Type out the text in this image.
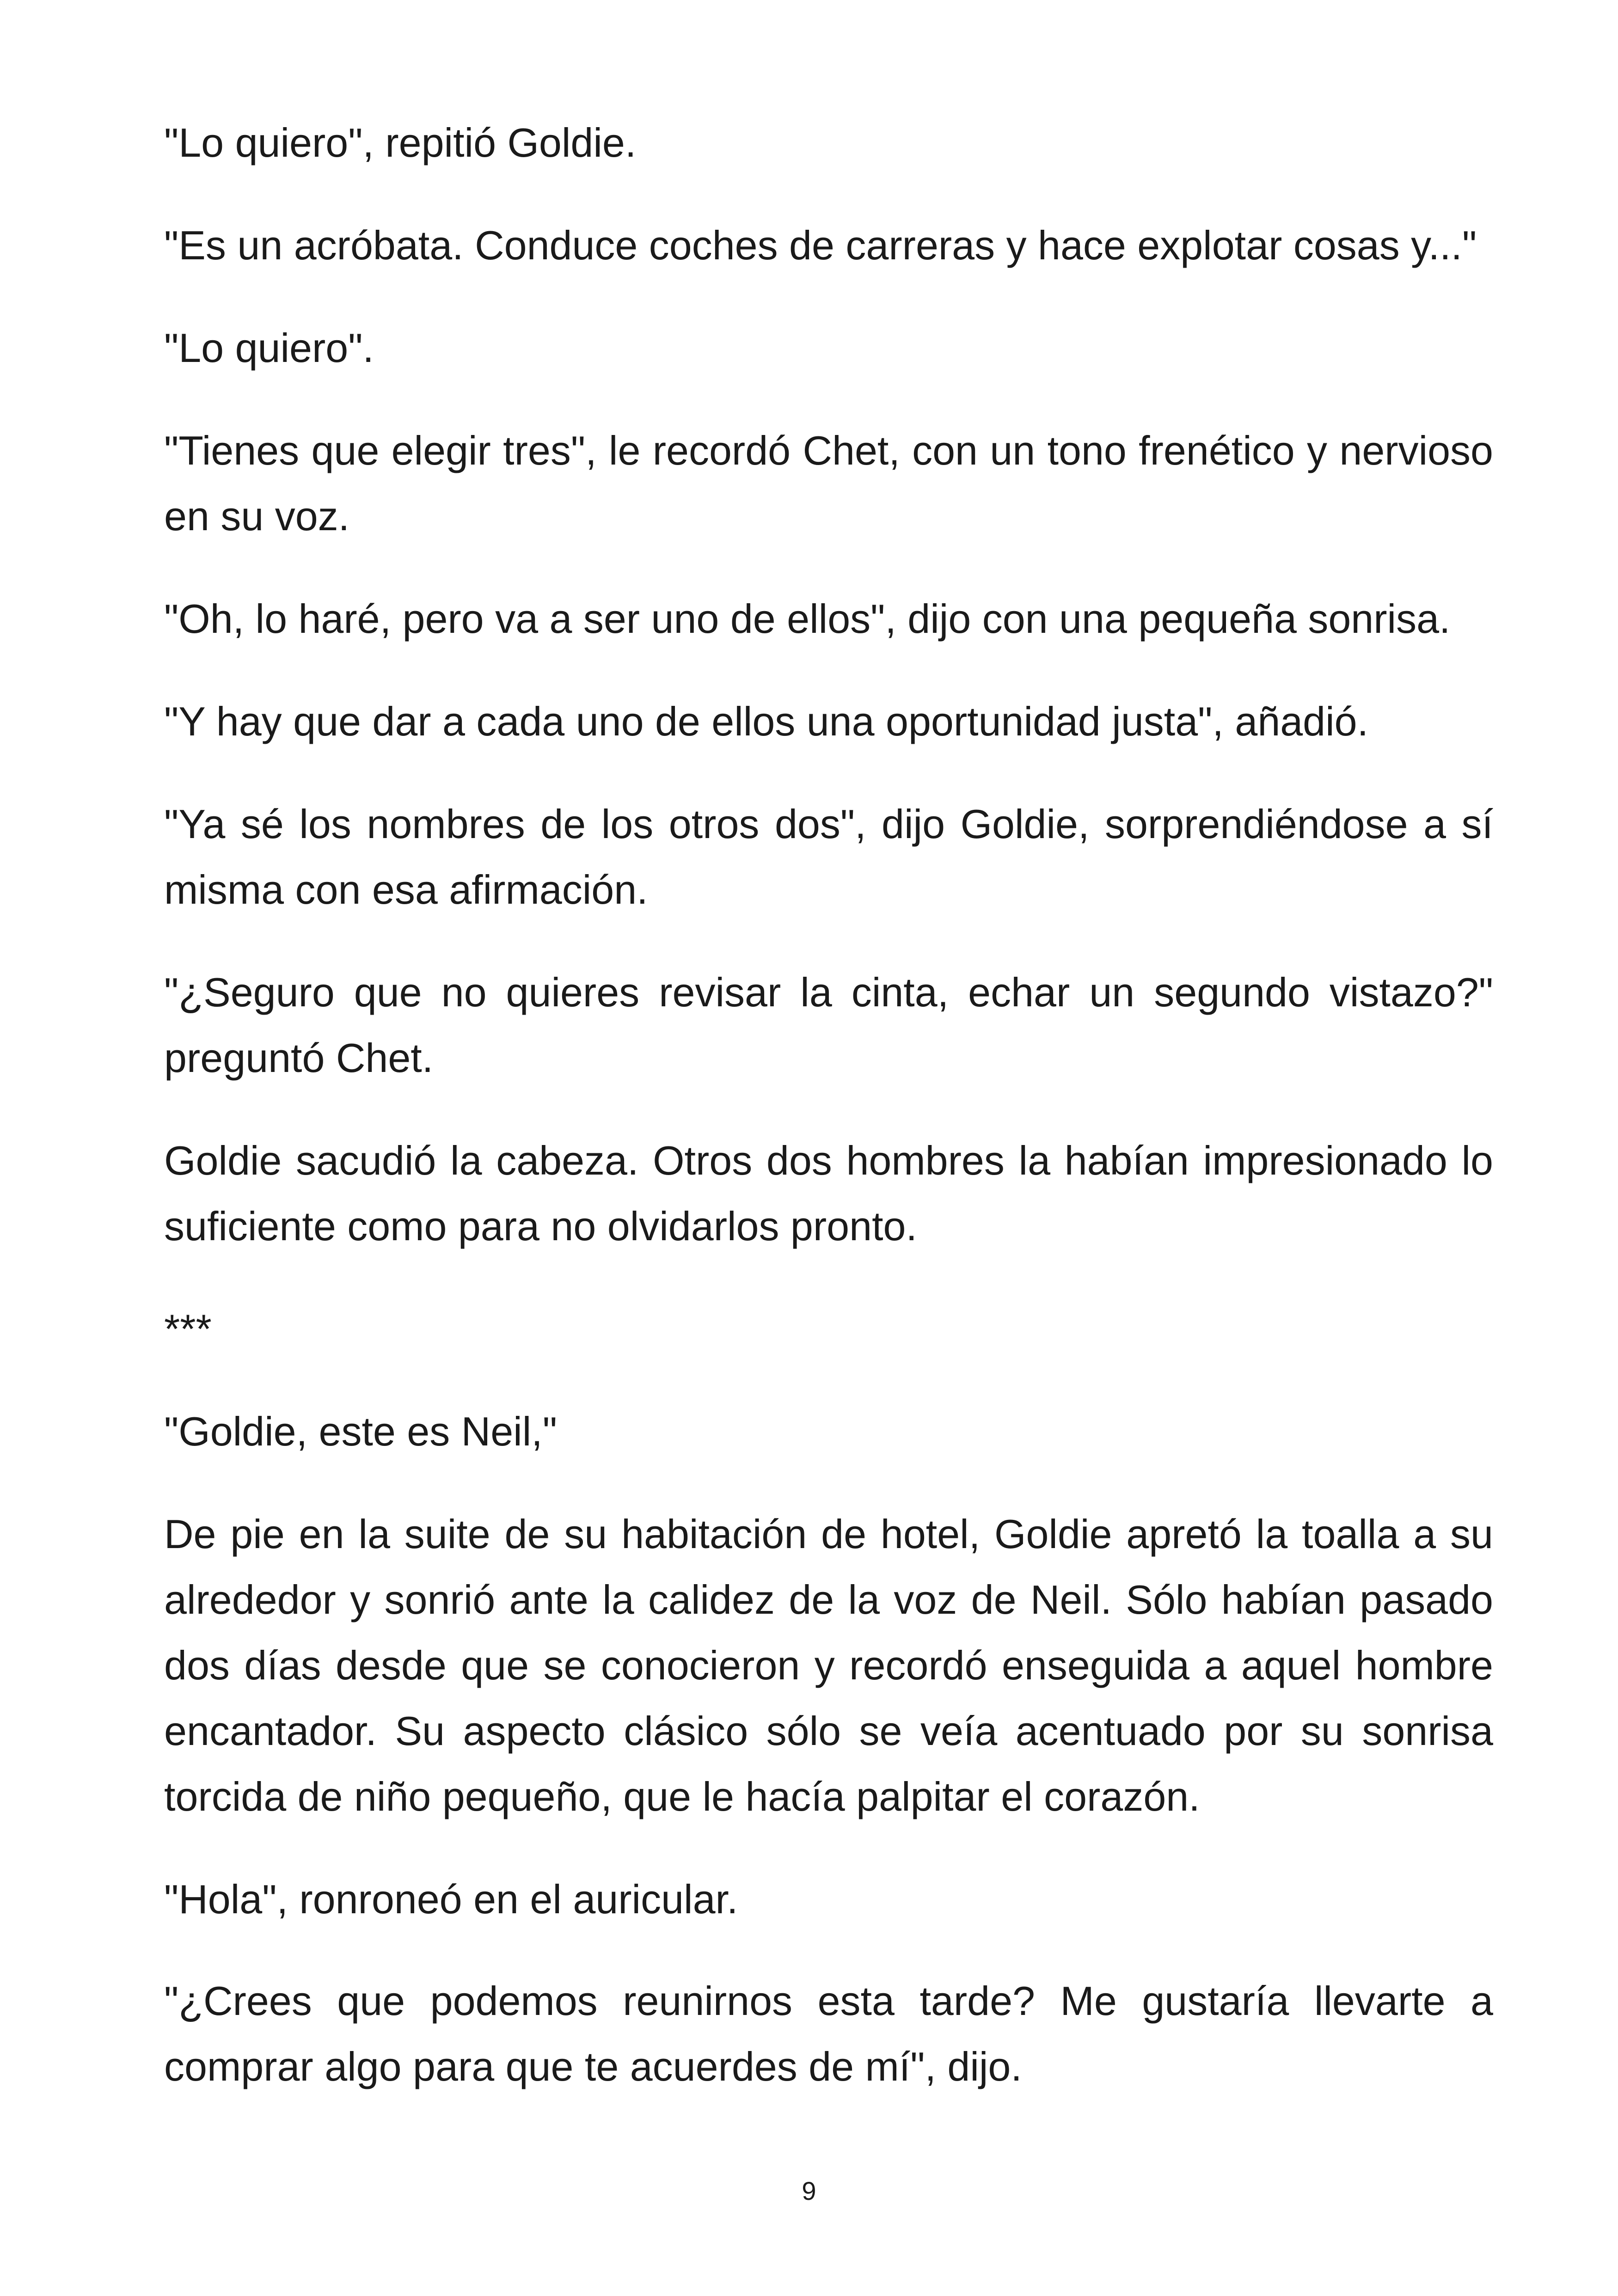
"Lo quiero", repitió Goldie.

"Es un acróbata. Conduce coches de carreras y hace explotar cosas y..."

"Lo quiero".

"Tienes que elegir tres", le recordó Chet, con un tono frenético y nervioso en su voz.

"Oh, lo haré, pero va a ser uno de ellos", dijo con una pequeña sonrisa.

"Y hay que dar a cada uno de ellos una oportunidad justa", añadió.

"Ya sé los nombres de los otros dos", dijo Goldie, sorprendiéndose a sí misma con esa afirmación.

"¿Seguro que no quieres revisar la cinta, echar un segundo vistazo?" preguntó Chet.

Goldie sacudió la cabeza. Otros dos hombres la habían impresionado lo suficiente como para no olvidarlos pronto.

***

"Goldie, este es Neil,"

De pie en la suite de su habitación de hotel, Goldie apretó la toalla a su alrededor y sonrió ante la calidez de la voz de Neil. Sólo habían pasado dos días desde que se conocieron y recordó enseguida a aquel hombre encantador. Su aspecto clásico sólo se veía acentuado por su sonrisa torcida de niño pequeño, que le hacía palpitar el corazón.

"Hola", ronroneó en el auricular.

"¿Crees que podemos reunirnos esta tarde? Me gustaría llevarte a comprar algo para que te acuerdes de mí", dijo.

9
